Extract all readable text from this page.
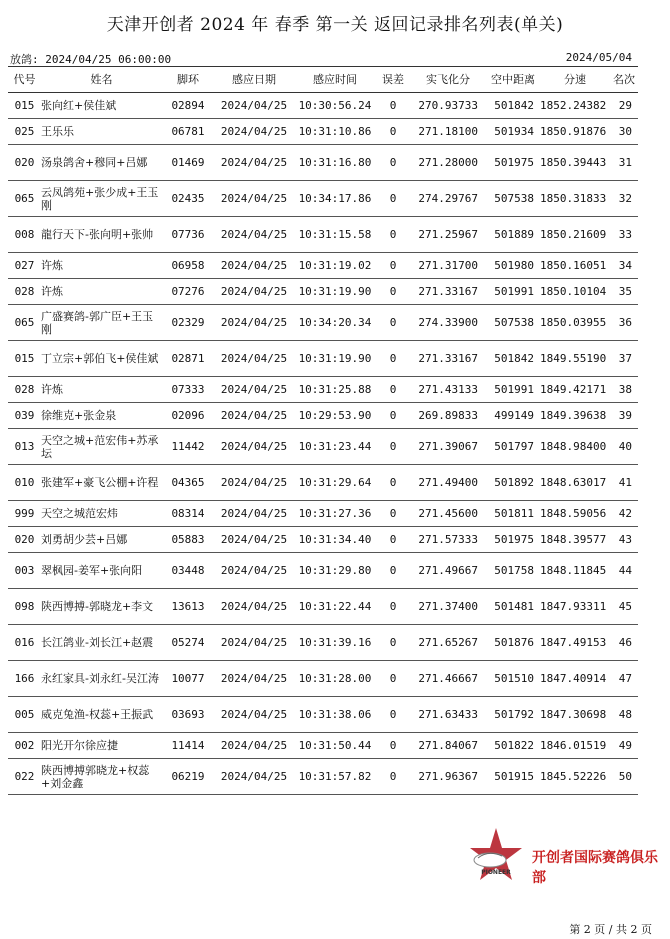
天津开创者 2024 年 春季 第一关 返回记录排名列表(单关)
放鸽: 2024/04/25 06:00:00	2024/05/04
代号	姓名	脚环	感应日期	感应时间	误差	实飞化分	空中距离	分速	名次
015	张向红+侯佳斌	02894	2024/04/25	10:30:56.24	0	270.93733	501842	1852.24382	29
025	王乐乐	06781	2024/04/25	10:31:10.86	0	271.18100	501934	1850.91876	30
020	汤泉鸽舍+穆同+吕娜	01469	2024/04/25	10:31:16.80	0	271.28000	501975	1850.39443	31
065	云凤鸽苑+张少成+王玉刚	02435	2024/04/25	10:34:17.86	0	274.29767	507538	1850.31833	32
008	龍行天下-张向明+张帅	07736	2024/04/25	10:31:15.58	0	271.25967	501889	1850.21609	33
027	许炼	06958	2024/04/25	10:31:19.02	0	271.31700	501980	1850.16051	34
028	许炼	07276	2024/04/25	10:31:19.90	0	271.33167	501991	1850.10104	35
065	广盛赛鸽-郭广臣+王玉刚	02329	2024/04/25	10:34:20.34	0	274.33900	507538	1850.03955	36
015	丁立宗+郭伯飞+侯佳斌	02871	2024/04/25	10:31:19.90	0	271.33167	501842	1849.55190	37
028	许炼	07333	2024/04/25	10:31:25.88	0	271.43133	501991	1849.42171	38
039	徐维克+张金泉	02096	2024/04/25	10:29:53.90	0	269.89833	499149	1849.39638	39
013	天空之城+范宏伟+苏承坛	11442	2024/04/25	10:31:23.44	0	271.39067	501797	1848.98400	40
010	张建军+豪飞公棚+许程	04365	2024/04/25	10:31:29.64	0	271.49400	501892	1848.63017	41
999	天空之城范宏炜	08314	2024/04/25	10:31:27.36	0	271.45600	501811	1848.59056	42
020	刘勇胡少芸+吕娜	05883	2024/04/25	10:31:34.40	0	271.57333	501975	1848.39577	43
003	翠枫园-姜军+张向阳	03448	2024/04/25	10:31:29.80	0	271.49667	501758	1848.11845	44
098	陕西博搏-郭晓龙+李文	13613	2024/04/25	10:31:22.44	0	271.37400	501481	1847.93311	45
016	长江鸽业-刘长江+赵震	05274	2024/04/25	10:31:39.16	0	271.65267	501876	1847.49153	46
166	永红家具-刘永红-吴江涛	10077	2024/04/25	10:31:28.00	0	271.46667	501510	1847.40914	47
005	威克兔渔-权蕊+王振武	03693	2024/04/25	10:31:38.06	0	271.63433	501792	1847.30698	48
002	阳光开尔徐应捷	11414	2024/04/25	10:31:50.44	0	271.84067	501822	1846.01519	49
022	陕西博搏郭晓龙+权蕊+刘金鑫	06219	2024/04/25	10:31:57.82	0	271.96367	501915	1845.52226	50
PIONEER
开创者国际赛鸽俱乐部
第 2 页 / 共 2 页
